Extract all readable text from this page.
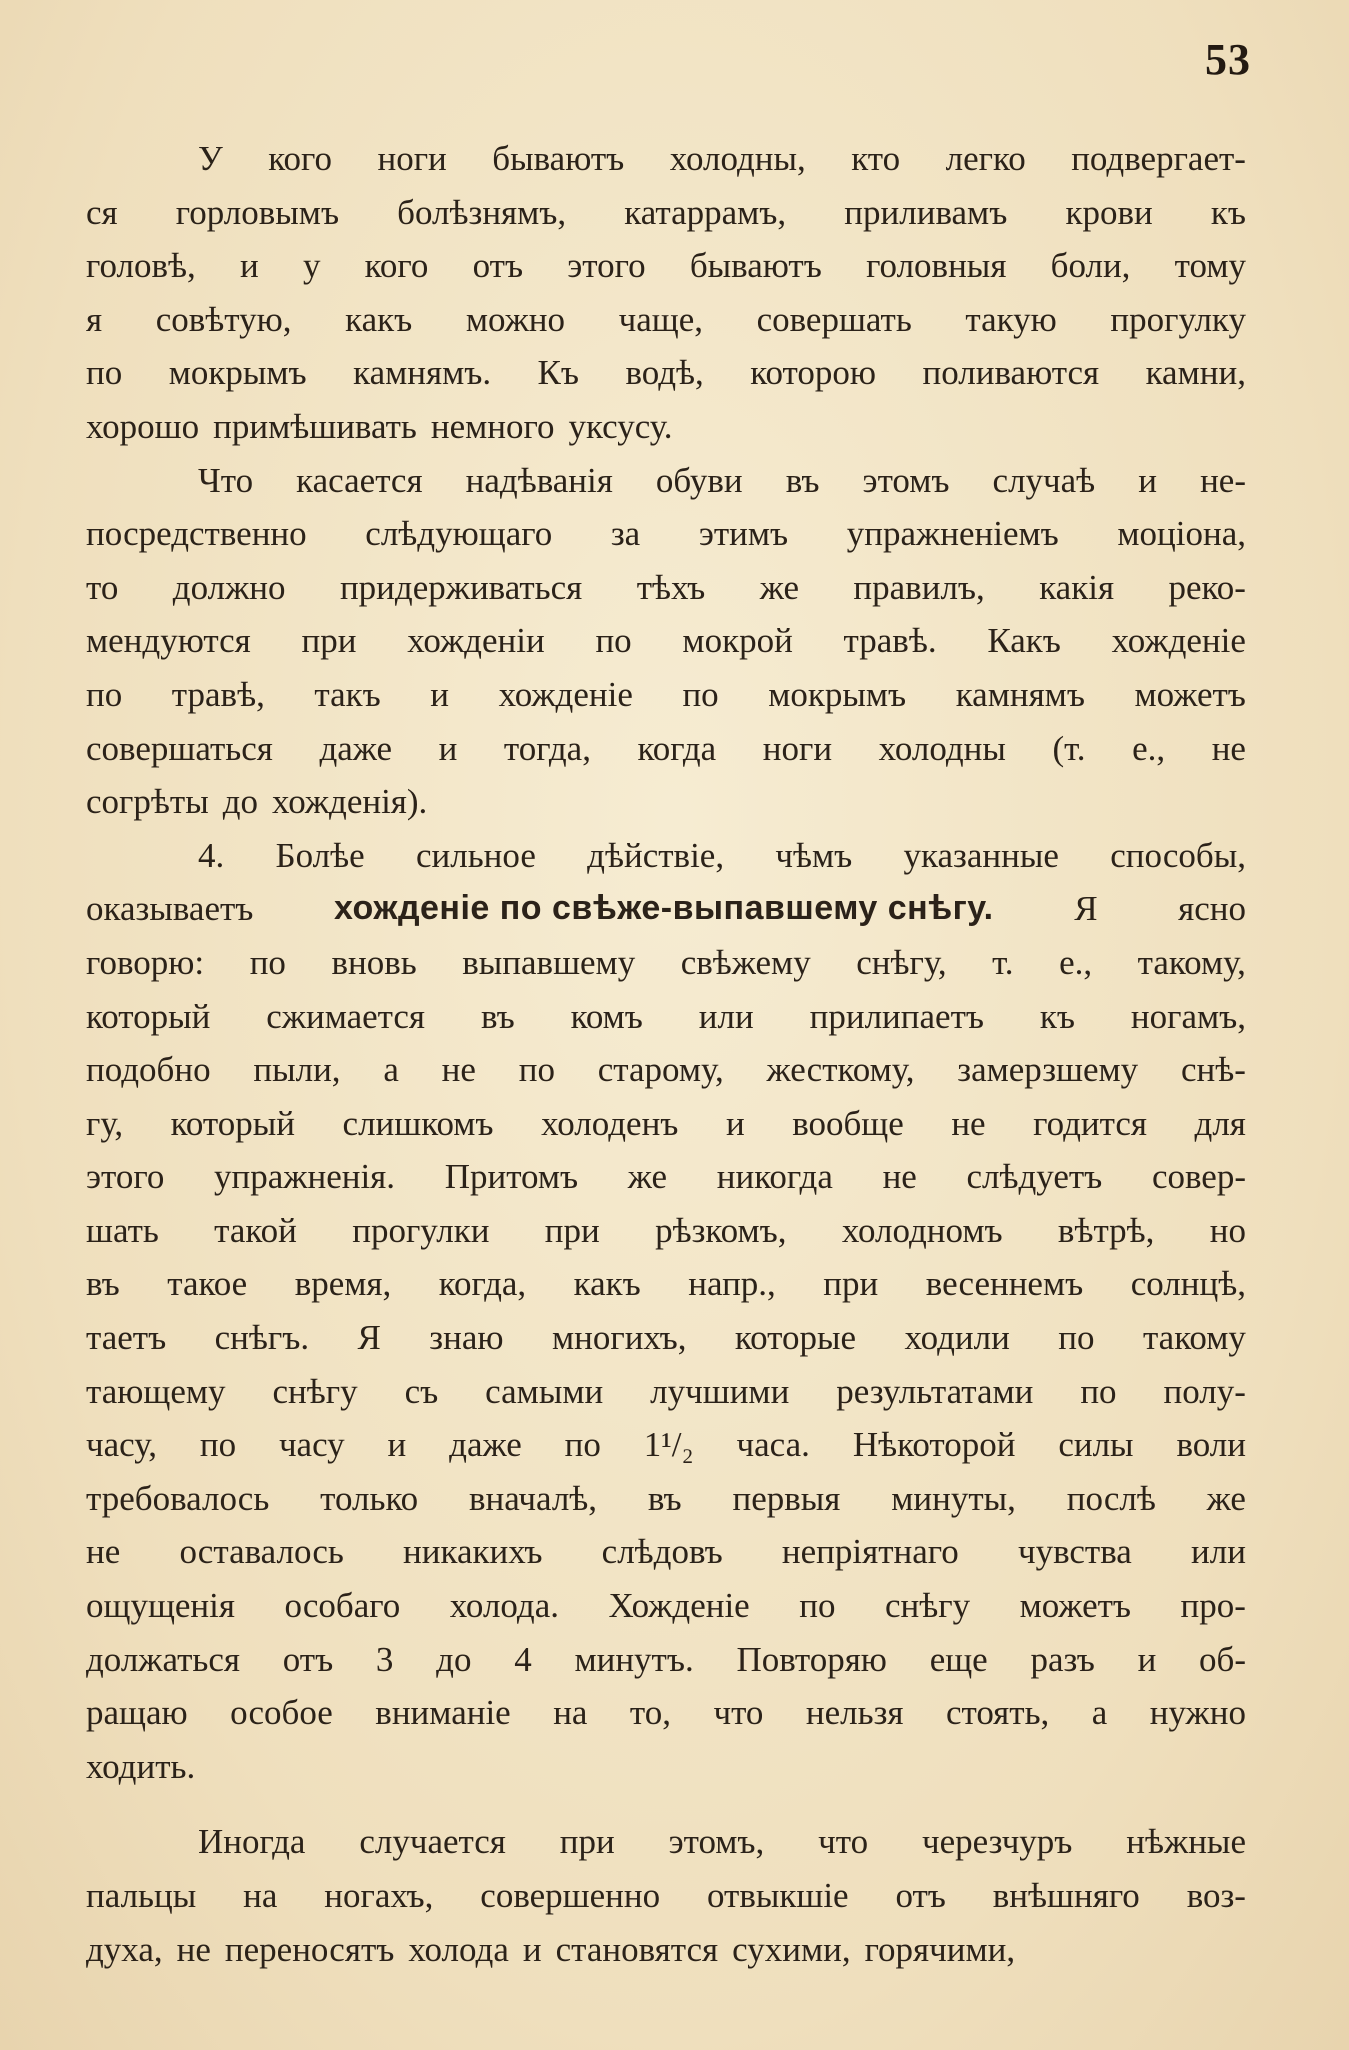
53
У кого ноги бываютъ холодны, кто легко подвергает-
ся горловымъ болѣзнямъ, катаррамъ, приливамъ крови къ
головѣ, и у кого отъ этого бываютъ головныя боли, тому
я совѣтую, какъ можно чаще, совершать такую прогулку
по мокрымъ камнямъ. Къ водѣ, которою поливаются камни,
хорошо примѣшивать немного уксусу.
Что касается надѣванія обуви въ этомъ случаѣ и не-
посредственно слѣдующаго за этимъ упражненіемъ моціона,
то должно придерживаться тѣхъ же правилъ, какія реко-
мендуются при хожденіи по мокрой травѣ. Какъ хожденіе
по травѣ, такъ и хожденіе по мокрымъ камнямъ можетъ
совершаться даже и тогда, когда ноги холодны (т. е., не
согрѣты до хожденія).
4. Болѣе сильное дѣйствіе, чѣмъ указанные способы,
оказываетъ хожденіе по свѣже-выпавшему снѣгу. Я ясно
говорю: по вновь выпавшему свѣжему снѣгу, т. е., такому,
который сжимается въ комъ или прилипаетъ къ ногамъ,
подобно пыли, а не по старому, жесткому, замерзшему снѣ-
гу, который слишкомъ холоденъ и вообще не годится для
этого упражненія. Притомъ же никогда не слѣдуетъ совер-
шать такой прогулки при рѣзкомъ, холодномъ вѣтрѣ, но
въ такое время, когда, какъ напр., при весеннемъ солнцѣ,
таетъ снѣгъ. Я знаю многихъ, которые ходили по такому
тающему снѣгу съ самыми лучшими результатами по полу-
часу, по часу и даже по 1¹/₂ часа. Нѣкоторой силы воли
требовалось только вначалѣ, въ первыя минуты, послѣ же
не оставалось никакихъ слѣдовъ непріятнаго чувства или
ощущенія особаго холода. Хожденіе по снѣгу можетъ про-
должаться отъ 3 до 4 минутъ. Повторяю еще разъ и об-
ращаю особое вниманіе на то, что нельзя стоять, а нужно
ходить.
Иногда случается при этомъ, что черезчуръ нѣжные
пальцы на ногахъ, совершенно отвыкшіе отъ внѣшняго воз-
духа, не переносятъ холода и становятся сухими, горячими,
